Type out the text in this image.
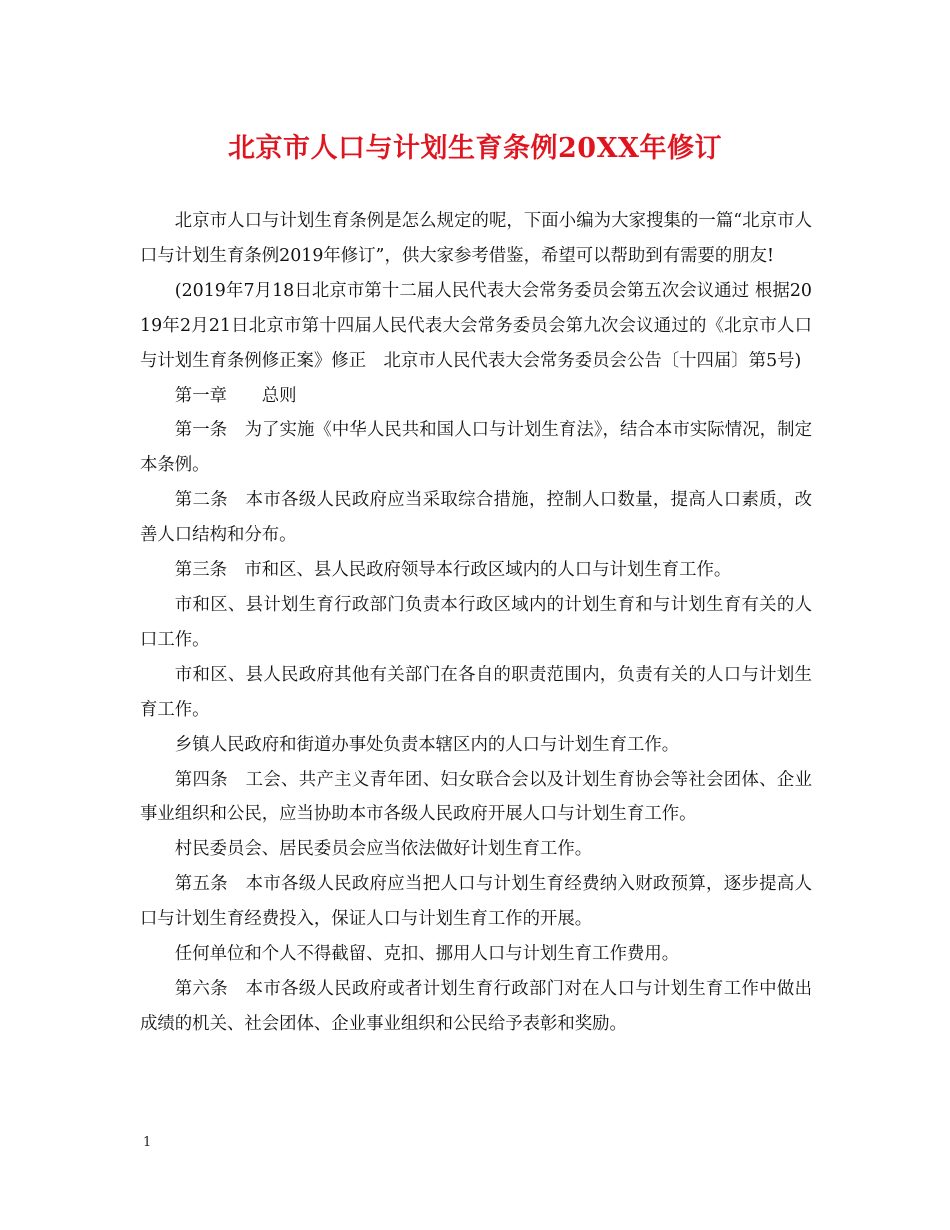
北京市人口与计划生育条例20XX年修订

北京市人口与计划生育条例是怎么规定的呢，下面小编为大家搜集的一篇“北京市人口与计划生育条例2019年修订”，供大家参考借鉴，希望可以帮助到有需要的朋友!

(2019年7月18日北京市第十二届人民代表大会常务委员会第五次会议通过 根据2019年2月21日北京市第十四届人民代表大会常务委员会第九次会议通过的《北京市人口与计划生育条例修正案》修正　北京市人民代表大会常务委员会公告〔十四届〕第5号)

第一章　　总则

第一条　为了实施《中华人民共和国人口与计划生育法》，结合本市实际情况，制定本条例。

第二条　本市各级人民政府应当采取综合措施，控制人口数量，提高人口素质，改善人口结构和分布。

第三条　市和区、县人民政府领导本行政区域内的人口与计划生育工作。

市和区、县计划生育行政部门负责本行政区域内的计划生育和与计划生育有关的人口工作。

市和区、县人民政府其他有关部门在各自的职责范围内，负责有关的人口与计划生育工作。

乡镇人民政府和街道办事处负责本辖区内的人口与计划生育工作。

第四条　工会、共产主义青年团、妇女联合会以及计划生育协会等社会团体、企业事业组织和公民，应当协助本市各级人民政府开展人口与计划生育工作。

村民委员会、居民委员会应当依法做好计划生育工作。

第五条　本市各级人民政府应当把人口与计划生育经费纳入财政预算，逐步提高人口与计划生育经费投入，保证人口与计划生育工作的开展。

任何单位和个人不得截留、克扣、挪用人口与计划生育工作费用。

第六条　本市各级人民政府或者计划生育行政部门对在人口与计划生育工作中做出成绩的机关、社会团体、企业事业组织和公民给予表彰和奖励。

1
